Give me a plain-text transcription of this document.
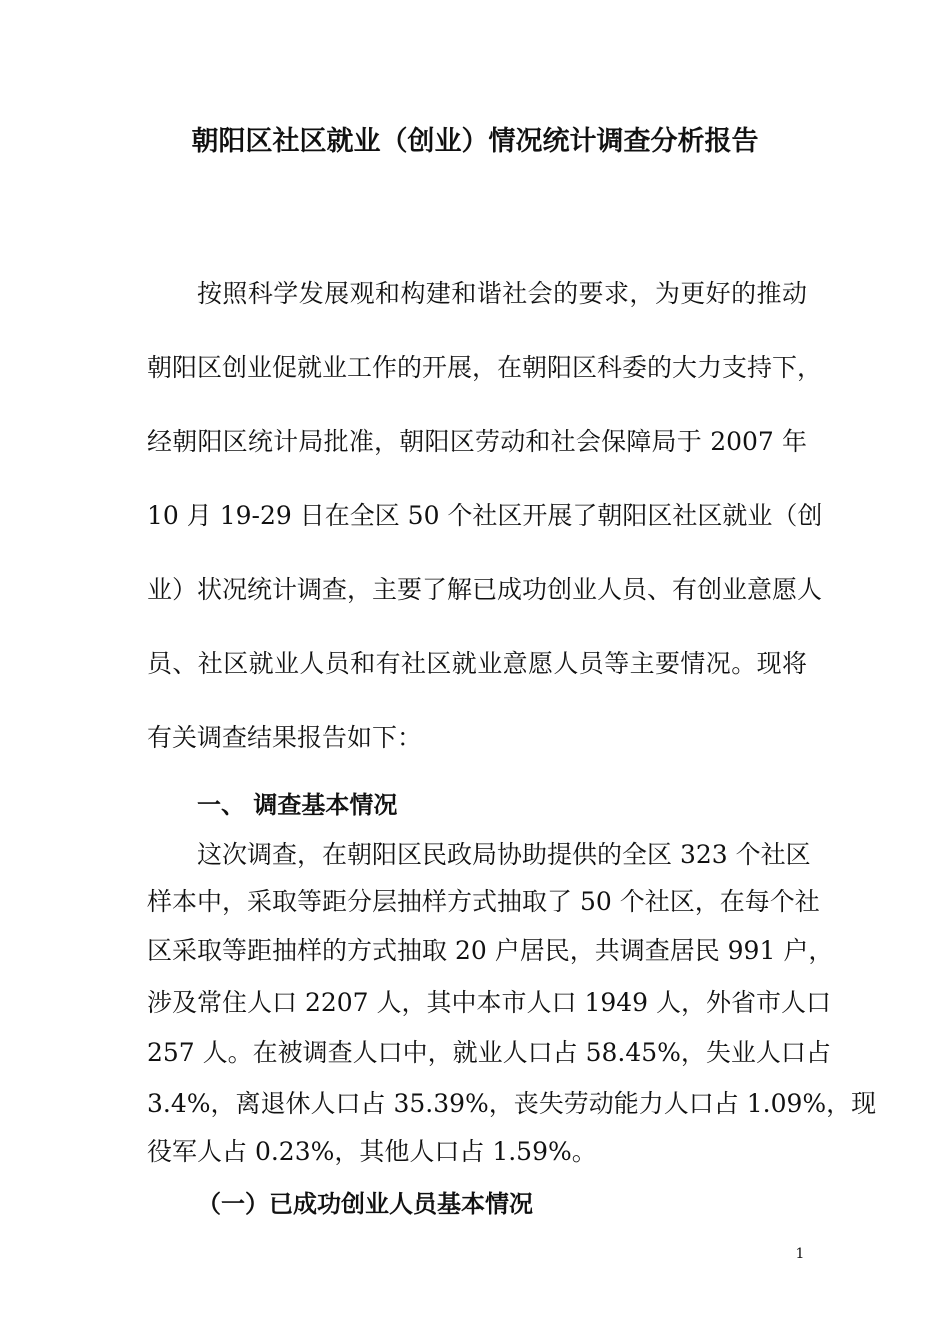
朝阳区社区就业（创业）情况统计调查分析报告

按照科学发展观和构建和谐社会的要求，为更好的推动

朝阳区创业促就业工作的开展，在朝阳区科委的大力支持下，

经朝阳区统计局批准，朝阳区劳动和社会保障局于 2007 年

10 月 19-29 日在全区 50 个社区开展了朝阳区社区就业（创

业）状况统计调查，主要了解已成功创业人员、有创业意愿人

员、社区就业人员和有社区就业意愿人员等主要情况。现将

有关调查结果报告如下：

一、 调查基本情况

这次调查，在朝阳区民政局协助提供的全区 323 个社区

样本中，采取等距分层抽样方式抽取了 50 个社区，在每个社

区采取等距抽样的方式抽取 20 户居民，共调查居民 991 户，

涉及常住人口 2207 人，其中本市人口 1949 人，外省市人口

257 人。在被调查人口中，就业人口占 58.45%，失业人口占

3.4%，离退休人口占 35.39%，丧失劳动能力人口占 1.09%，现

役军人占 0.23%，其他人口占 1.59%。

（一）已成功创业人员基本情况
1
